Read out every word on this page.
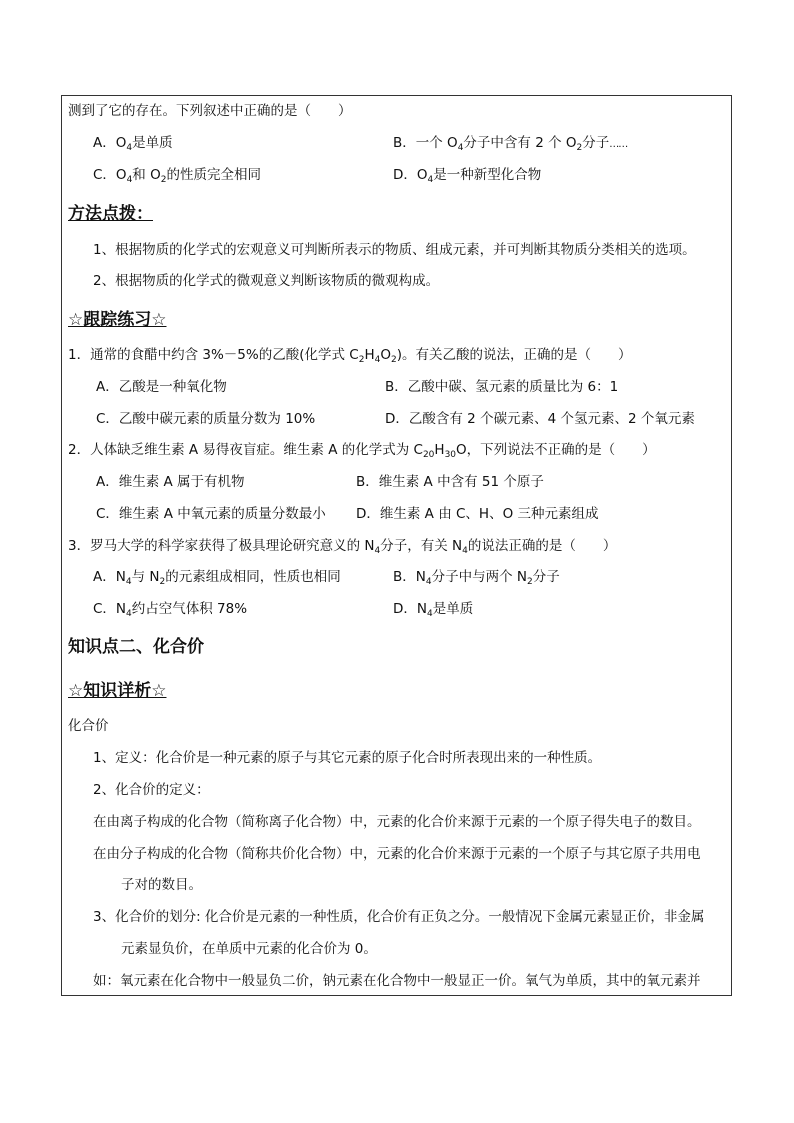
测到了它的存在。下列叙述中正确的是（　　）
A．$O_4$是单质	B．一个 $O_4$分子中含有 2 个 $O_2$分子……
C．$O_4$和 $O_2$的性质完全相同	D．$O_4$是一种新型化合物
方法点拨：
1、根据物质的化学式的宏观意义可判断所表示的物质、组成元素，并可判断其物质分类相关的选项。
2、根据物质的化学式的微观意义判断该物质的微观构成。
☆跟踪练习☆
1．通常的食醋中约含 3%－5%的乙酸(化学式 $C_2H_4O_2$)。有关乙酸的说法，正确的是（　　）
A．乙酸是一种氧化物	B．乙酸中碳、氢元素的质量比为 6：1
C．乙酸中碳元素的质量分数为 10%	D．乙酸含有 2 个碳元素、4 个氢元素、2 个氧元素
2．人体缺乏维生素 A 易得夜盲症。维生素 A 的化学式为 $C_{20}H_{30}O$，下列说法不正确的是（　　）
A．维生素 A 属于有机物	B．维生素 A 中含有 51 个原子
C．维生素 A 中氧元素的质量分数最小 D．维生素 A 由 C、H、O 三种元素组成
3．罗马大学的科学家获得了极具理论研究意义的 $N_4$分子，有关 $N_4$的说法正确的是（　　）
A．$N_4$与 $N_2$的元素组成相同，性质也相同	B．$N_4$分子中与两个 $N_2$分子
C．$N_4$约占空气体积 78%	D．$N_4$是单质
知识点二、化合价
☆知识详析☆
化合价
1、定义：化合价是一种元素的原子与其它元素的原子化合时所表现出来的一种性质。
2、化合价的定义：
在由离子构成的化合物（简称离子化合物）中，元素的化合价来源于元素的一个原子得失电子的数目。
在由分子构成的化合物（简称共价化合物）中，元素的化合价来源于元素的一个原子与其它原子共用电
子对的数目。
3、化合价的划分: 化合价是元素的一种性质，化合价有正负之分。一般情况下金属元素显正价，非金属
元素显负价，在单质中元素的化合价为 0。
如：氧元素在化合物中一般显负二价，钠元素在化合物中一般显正一价。氧气为单质，其中的氧元素并
